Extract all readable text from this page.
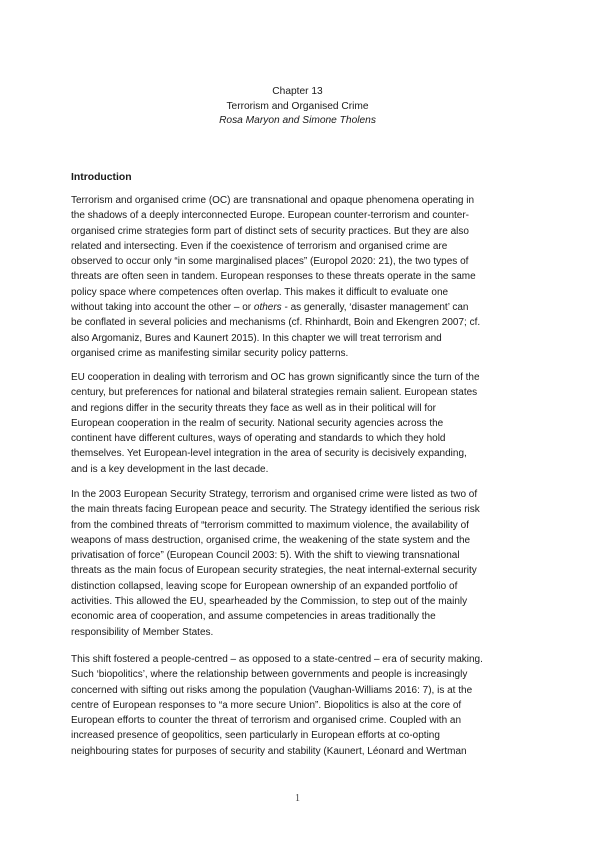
Chapter 13
Terrorism and Organised Crime
Rosa Maryon and Simone Tholens
Introduction
Terrorism and organised crime (OC) are transnational and opaque phenomena operating in
the shadows of a deeply interconnected Europe. European counter-terrorism and counter-
organised crime strategies form part of distinct sets of security practices. But they are also
related and intersecting. Even if the coexistence of terrorism and organised crime are
observed to occur only “in some marginalised places” (Europol 2020: 21), the two types of
threats are often seen in tandem. European responses to these threats operate in the same
policy space where competences often overlap. This makes it difficult to evaluate one
without taking into account the other – or others - as generally, ‘disaster management’ can
be conflated in several policies and mechanisms (cf. Rhinhardt, Boin and Ekengren 2007; cf.
also Argomaniz, Bures and Kaunert 2015). In this chapter we will treat terrorism and
organised crime as manifesting similar security policy patterns.
EU cooperation in dealing with terrorism and OC has grown significantly since the turn of the
century, but preferences for national and bilateral strategies remain salient. European states
and regions differ in the security threats they face as well as in their political will for
European cooperation in the realm of security. National security agencies across the
continent have different cultures, ways of operating and standards to which they hold
themselves. Yet European-level integration in the area of security is decisively expanding,
and is a key development in the last decade.
In the 2003 European Security Strategy, terrorism and organised crime were listed as two of
the main threats facing European peace and security. The Strategy identified the serious risk
from the combined threats of “terrorism committed to maximum violence, the availability of
weapons of mass destruction, organised crime, the weakening of the state system and the
privatisation of force” (European Council 2003: 5). With the shift to viewing transnational
threats as the main focus of European security strategies, the neat internal-external security
distinction collapsed, leaving scope for European ownership of an expanded portfolio of
activities. This allowed the EU, spearheaded by the Commission, to step out of the mainly
economic area of cooperation, and assume competencies in areas traditionally the
responsibility of Member States.
This shift fostered a people-centred – as opposed to a state-centred – era of security making.
Such ‘biopolitics’, where the relationship between governments and people is increasingly
concerned with sifting out risks among the population (Vaughan-Williams 2016: 7), is at the
centre of European responses to “a more secure Union”. Biopolitics is also at the core of
European efforts to counter the threat of terrorism and organised crime. Coupled with an
increased presence of geopolitics, seen particularly in European efforts at co-opting
neighbouring states for purposes of security and stability (Kaunert, Léonard and Wertman
1
